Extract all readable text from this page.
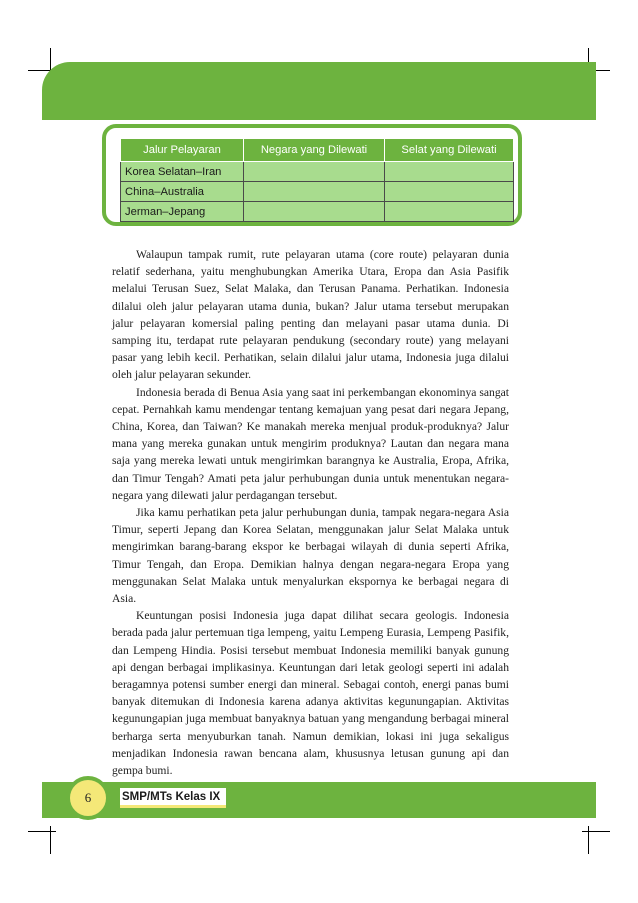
Jalur Pelayaran	Negara yang Dilewati	Selat yang Dilewati
Korea Selatan–Iran		
China–Australia		
Jerman–Jepang		

Walaupun tampak rumit, rute pelayaran utama (core route) pelayaran dunia relatif sederhana, yaitu menghubungkan Amerika Utara, Eropa dan Asia Pasifik melalui Terusan Suez, Selat Malaka, dan Terusan Panama. Perhatikan. Indonesia dilalui oleh jalur pelayaran utama dunia, bukan? Jalur utama tersebut merupakan jalur pelayaran komersial paling penting dan melayani pasar utama dunia. Di samping itu, terdapat rute pelayaran pendukung (secondary route) yang melayani pasar yang lebih kecil. Perhatikan, selain dilalui jalur utama, Indonesia juga dilalui oleh jalur pelayaran sekunder.

Indonesia berada di Benua Asia yang saat ini perkembangan ekonominya sangat cepat. Pernahkah kamu mendengar tentang kemajuan yang pesat dari negara Jepang, China, Korea, dan Taiwan? Ke manakah mereka menjual produk-produknya? Jalur mana yang mereka gunakan untuk mengirim produknya? Lautan dan negara mana saja yang mereka lewati untuk mengirimkan barangnya ke Australia, Eropa, Afrika, dan Timur Tengah? Amati peta jalur perhubungan dunia untuk menentukan negara-negara yang dilewati jalur perdagangan tersebut.

Jika kamu perhatikan peta jalur perhubungan dunia, tampak negara-negara Asia Timur, seperti Jepang dan Korea Selatan, menggunakan jalur Selat Malaka untuk mengirimkan barang-barang ekspor ke berbagai wilayah di dunia seperti Afrika, Timur Tengah, dan Eropa. Demikian halnya dengan negara-negara Eropa yang menggunakan Selat Malaka untuk menyalurkan ekspornya ke berbagai negara di Asia.

Keuntungan posisi Indonesia juga dapat dilihat secara geologis. Indonesia berada pada jalur pertemuan tiga lempeng, yaitu Lempeng Eurasia, Lempeng Pasifik, dan Lempeng Hindia. Posisi tersebut membuat Indonesia memiliki banyak gunung api dengan berbagai implikasinya. Keuntungan dari letak geologi seperti ini adalah beragamnya potensi sumber energi dan mineral. Sebagai contoh, energi panas bumi banyak ditemukan di Indonesia karena adanya aktivitas kegunungapian. Aktivitas kegunungapian juga membuat banyaknya batuan yang mengandung berbagai mineral berharga serta menyuburkan tanah. Namun demikian, lokasi ini juga sekaligus menjadikan Indonesia rawan bencana alam, khususnya letusan gunung api dan gempa bumi.

6	SMP/MTs Kelas IX
